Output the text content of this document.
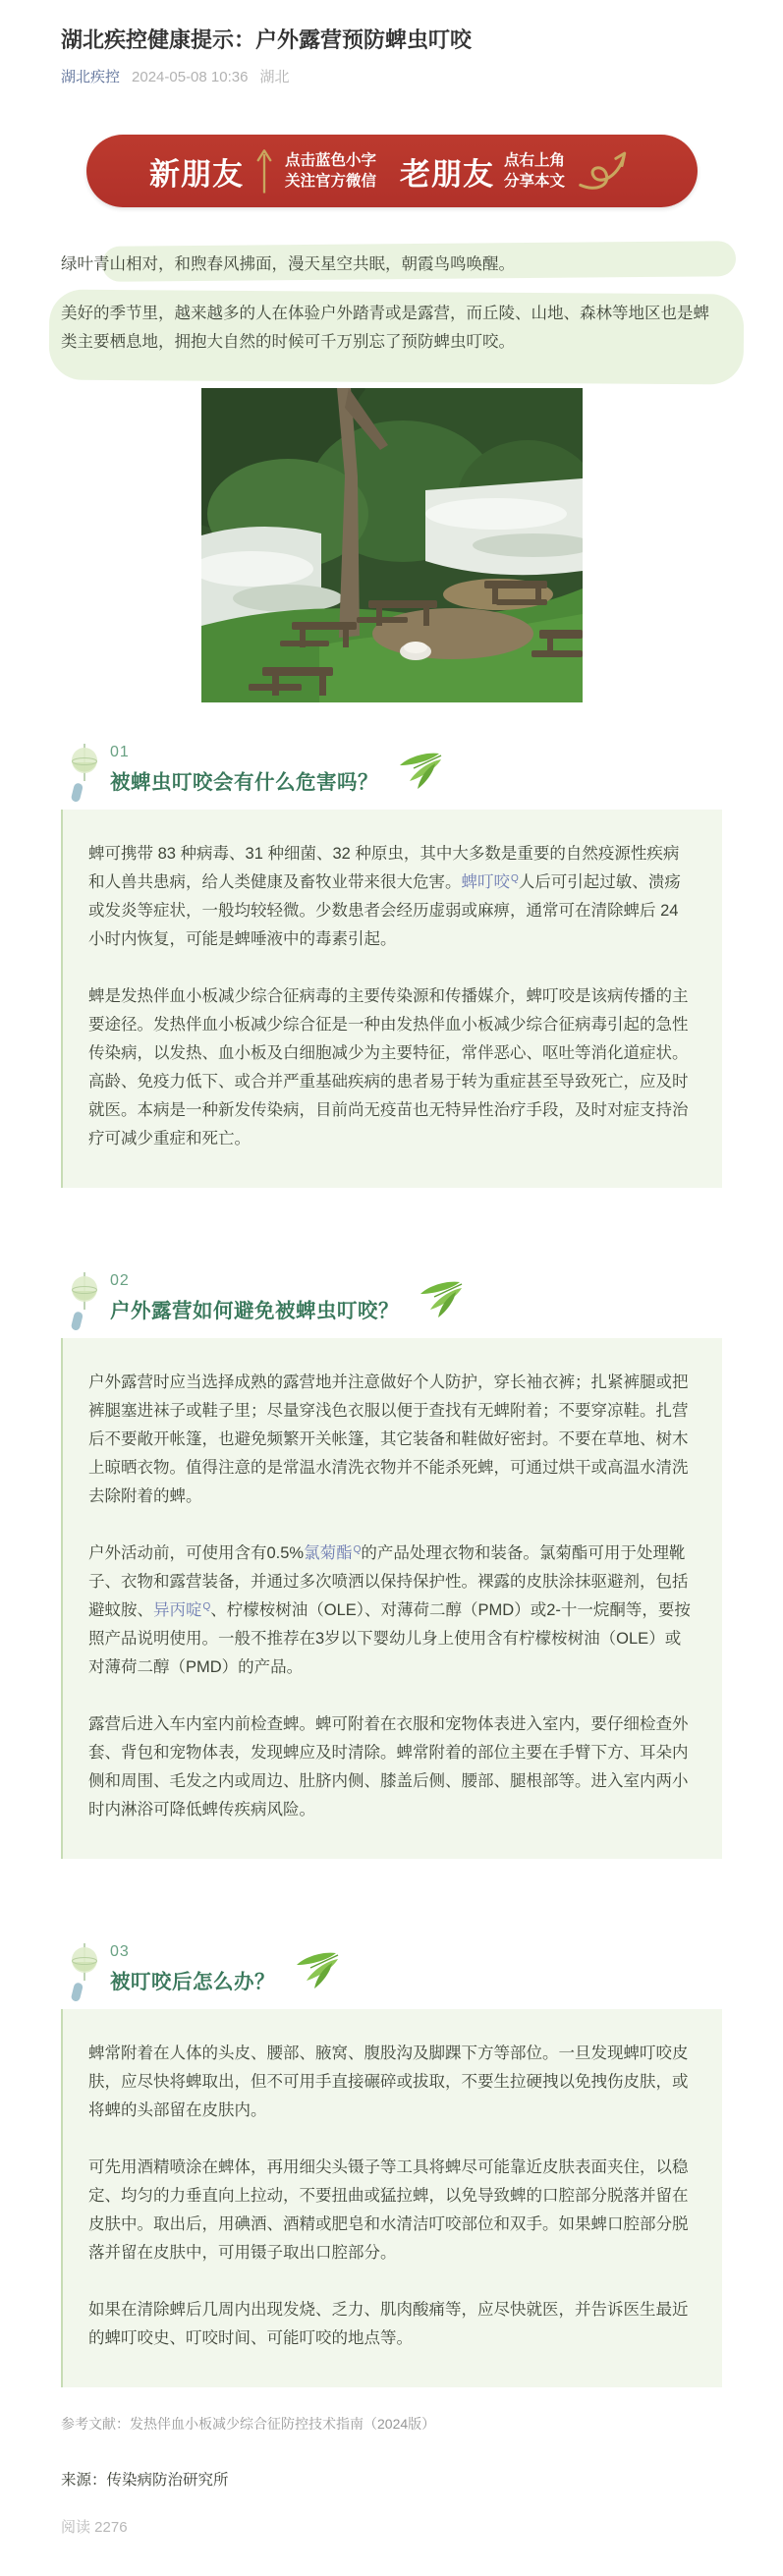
湖北疾控健康提示：户外露营预防蜱虫叮咬
湖北疾控 2024-05-08 10:36 湖北
新朋友	点击蓝色小字
关注官方微信 老朋友 点右上角
分享本文

绿叶青山相对，和煦春风拂面，漫天星空共眠，朝霞鸟鸣唤醒。

美好的季节里，越来越多的人在体验户外踏青或是露营，而丘陵、山地、森林等地区也是蜱类主要栖息地，拥抱大自然的时候可千万别忘了预防蜱虫叮咬。

01
被蜱虫叮咬会有什么危害吗？

蜱可携带 83 种病毒、31 种细菌、32 种原虫，其中大多数是重要的自然疫源性疾病和人兽共患病，给人类健康及畜牧业带来很大危害。蜱叮咬$^Q$人后可引起过敏、溃疡或发炎等症状，一般均较轻微。少数患者会经历虚弱或麻痹，通常可在清除蜱后 24 小时内恢复，可能是蜱唾液中的毒素引起。

蜱是发热伴血小板减少综合征病毒的主要传染源和传播媒介，蜱叮咬是该病传播的主要途径。发热伴血小板减少综合征是一种由发热伴血小板减少综合征病毒引起的急性传染病，以发热、血小板及白细胞减少为主要特征，常伴恶心、呕吐等消化道症状。高龄、免疫力低下、或合并严重基础疾病的患者易于转为重症甚至导致死亡，应及时就医。本病是一种新发传染病，目前尚无疫苗也无特异性治疗手段，及时对症支持治疗可减少重症和死亡。

02
户外露营如何避免被蜱虫叮咬？

户外露营时应当选择成熟的露营地并注意做好个人防护，穿长袖衣裤；扎紧裤腿或把裤腿塞进袜子或鞋子里；尽量穿浅色衣服以便于查找有无蜱附着；不要穿凉鞋。扎营后不要敞开帐篷，也避免频繁开关帐篷，其它装备和鞋做好密封。不要在草地、树木上晾晒衣物。值得注意的是常温水清洗衣物并不能杀死蜱，可通过烘干或高温水清洗去除附着的蜱。

户外活动前，可使用含有0.5%氯菊酯$^Q$的产品处理衣物和装备。氯菊酯可用于处理靴子、衣物和露营装备，并通过多次喷洒以保持保护性。裸露的皮肤涂抹驱避剂，包括避蚊胺、异丙啶$^Q$、柠檬桉树油（OLE）、对薄荷二醇（PMD）或2-十一烷酮等，要按照产品说明使用。一般不推荐在3岁以下婴幼儿身上使用含有柠檬桉树油（OLE）或对薄荷二醇（PMD）的产品。

露营后进入车内室内前检查蜱。蜱可附着在衣服和宠物体表进入室内，要仔细检查外套、背包和宠物体表，发现蜱应及时清除。蜱常附着的部位主要在手臂下方、耳朵内侧和周围、毛发之内或周边、肚脐内侧、膝盖后侧、腰部、腿根部等。进入室内两小时内淋浴可降低蜱传疾病风险。

03
被叮咬后怎么办？

蜱常附着在人体的头皮、腰部、腋窝、腹股沟及脚踝下方等部位。一旦发现蜱叮咬皮肤，应尽快将蜱取出，但不可用手直接碾碎或拔取，不要生拉硬拽以免拽伤皮肤，或将蜱的头部留在皮肤内。

可先用酒精喷涂在蜱体，再用细尖头镊子等工具将蜱尽可能靠近皮肤表面夹住，以稳定、均匀的力垂直向上拉动，不要扭曲或猛拉蜱，以免导致蜱的口腔部分脱落并留在皮肤中。取出后，用碘酒、酒精或肥皂和水清洁叮咬部位和双手。如果蜱口腔部分脱落并留在皮肤中，可用镊子取出口腔部分。

如果在清除蜱后几周内出现发烧、乏力、肌肉酸痛等，应尽快就医，并告诉医生最近的蜱叮咬史、叮咬时间、可能叮咬的地点等。

参考文献：发热伴血小板减少综合征防控技术指南（2024版）

来源：传染病防治研究所

阅读 2276
